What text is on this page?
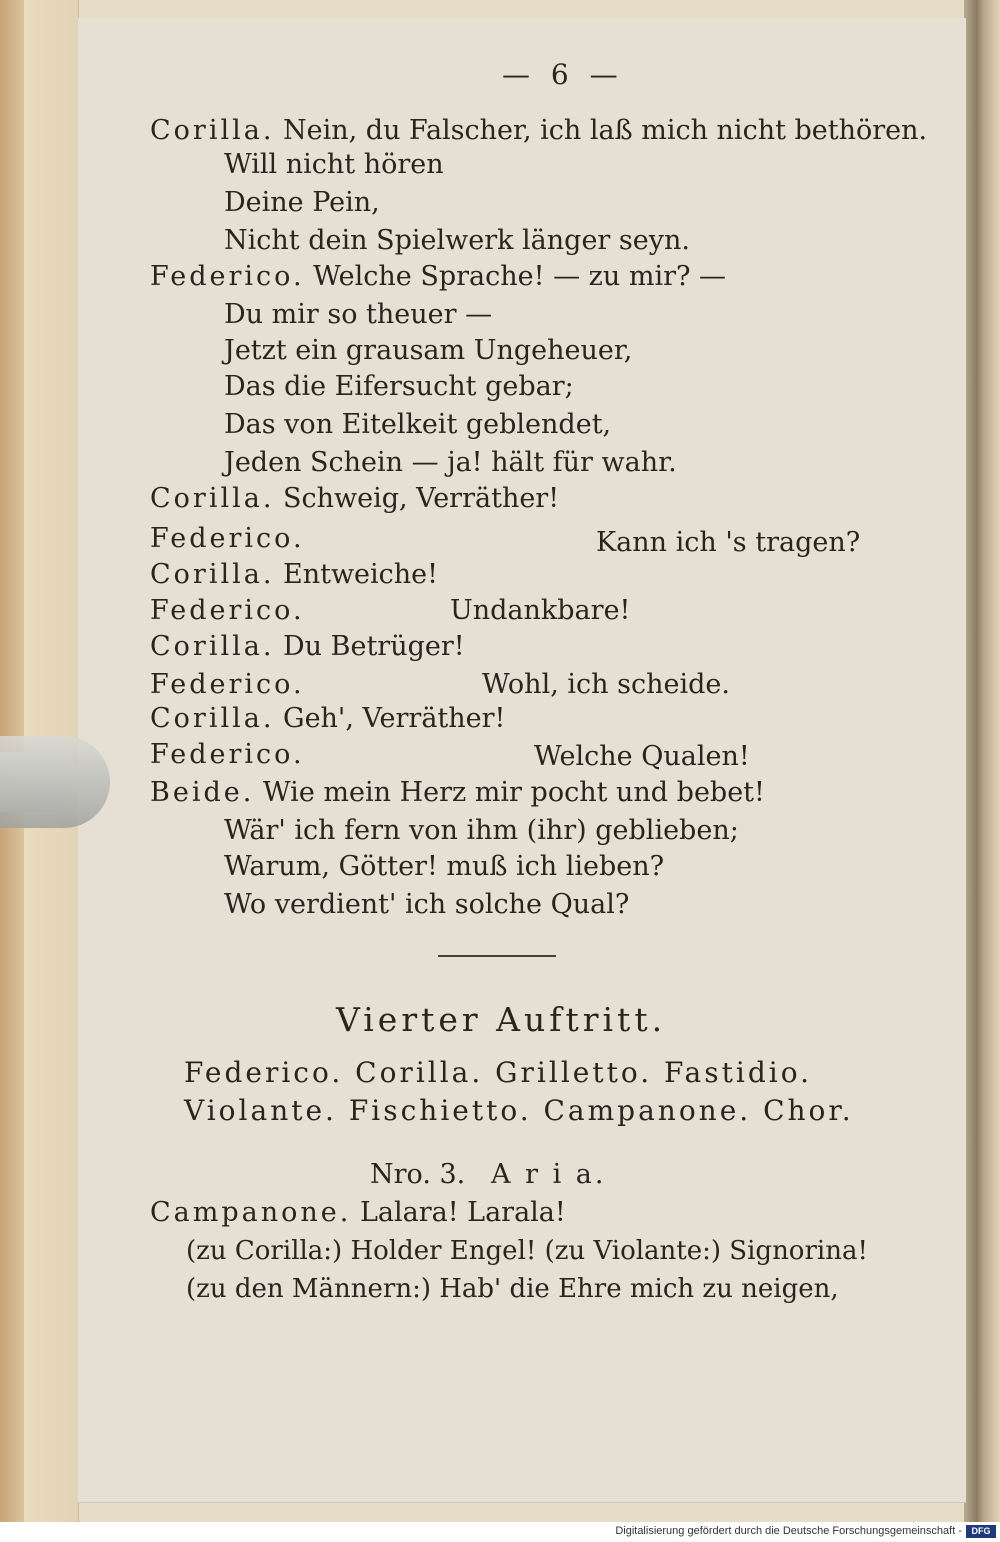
— 6 —
Corilla. Nein, du Falscher, ich laß mich nicht bethören.
Will nicht hören
Deine Pein,
Nicht dein Spielwerk länger seyn.
Federico. Welche Sprache! — zu mir? —
Du mir so theuer —
Jetzt ein grausam Ungeheuer,
Das die Eifersucht gebar;
Das von Eitelkeit geblendet,
Jeden Schein — ja! hält für wahr.
Corilla. Schweig, Verräther!
Federico.	Kann ich 's tragen?
Corilla. Entweiche!
Federico.	Undankbare!
Corilla. Du Betrüger!
Federico.	Wohl, ich scheide.
Corilla. Geh', Verräther!
Federico.	Welche Qualen!
Beide. Wie mein Herz mir pocht und bebet!
Wär' ich fern von ihm (ihr) geblieben;
Warum, Götter! muß ich lieben?
Wo verdient' ich solche Qual?
Vierter Auftritt.
Federico. Corilla. Grilletto. Fastidio.
Violante. Fischietto. Campanone. Chor.
Nro. 3. A r i a.
Campanone. Lalara! Larala!
(zu Corilla:) Holder Engel! (zu Violante:) Signorina!
(zu den Männern:) Hab' die Ehre mich zu neigen,
Digitalisierung gefördert durch die Deutsche Forschungsgemeinschaft -	DFG
